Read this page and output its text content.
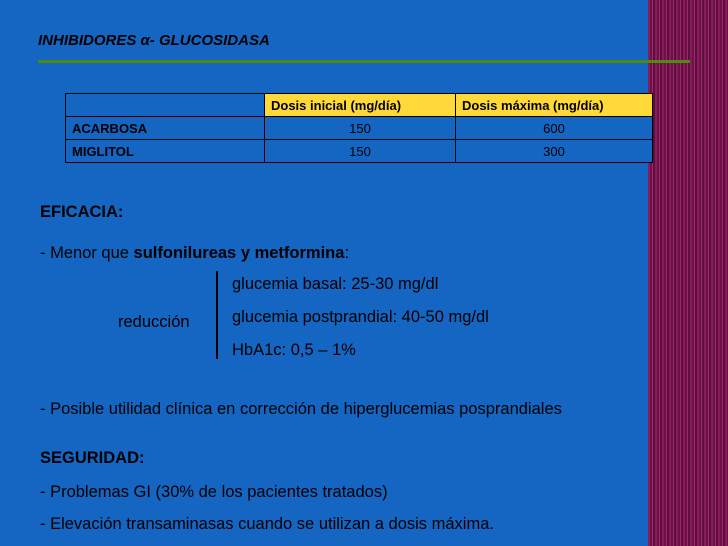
INHIBIDORES α- GLUCOSIDASA
	Dosis inicial (mg/día)	Dosis máxima (mg/día)
ACARBOSA	150	600
MIGLITOL	150	300
EFICACIA:
- Menor que sulfonilureas y metformina:
reducción
glucemia basal: 25-30 mg/dl
glucemia postprandial: 40-50 mg/dl
HbA1c: 0,5 – 1%
- Posible utilidad clínica en corrección de hiperglucemias posprandiales
SEGURIDAD:
- Problemas GI (30% de los pacientes tratados)
- Elevación transaminasas cuando se utilizan a dosis máxima.
